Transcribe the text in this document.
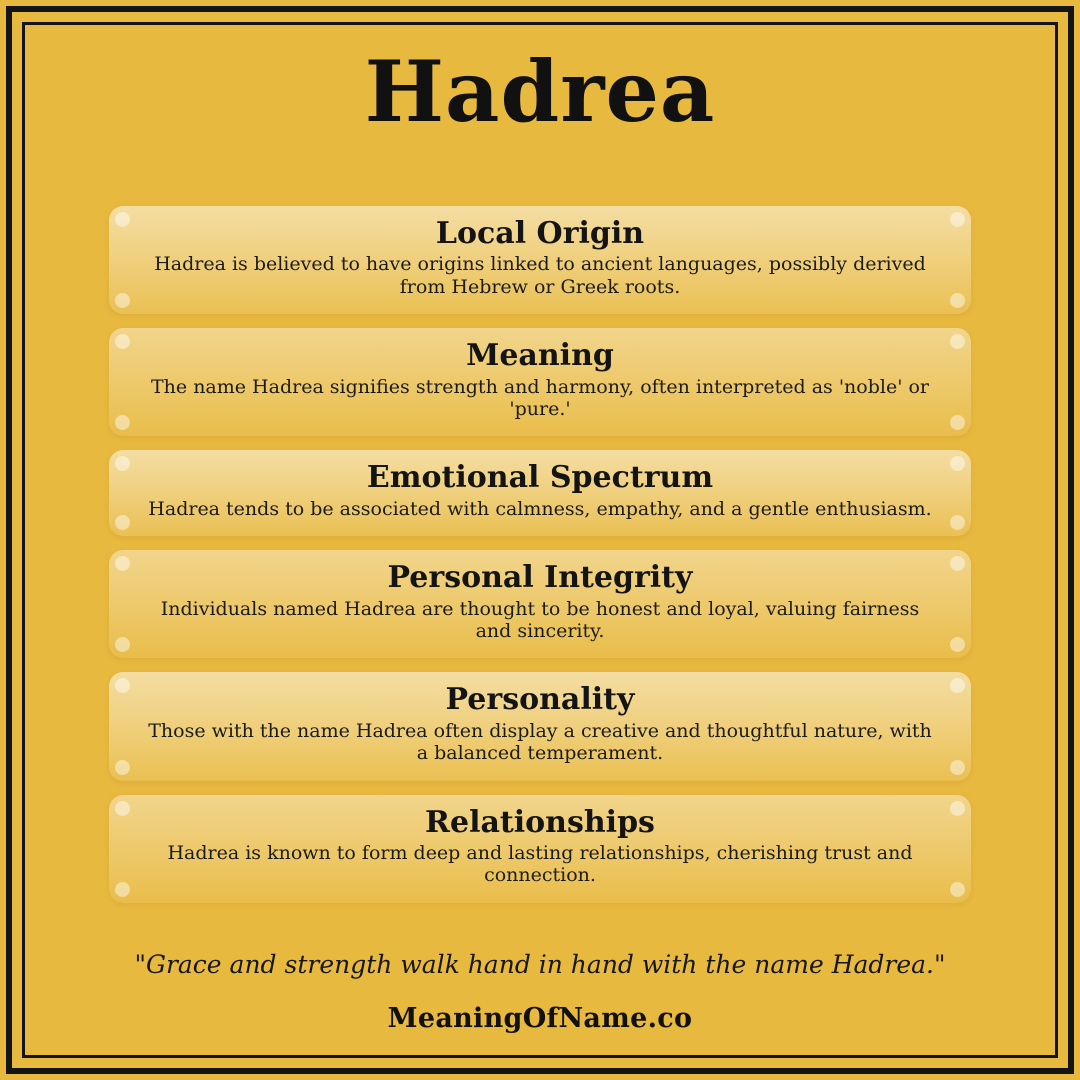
Hadrea

Local Origin

Hadrea is believed to have origins linked to ancient languages, possibly derived from Hebrew or Greek roots.

Meaning

The name Hadrea signifies strength and harmony, often interpreted as 'noble' or 'pure.'

Emotional Spectrum

Hadrea tends to be associated with calmness, empathy, and a gentle enthusiasm.

Personal Integrity

Individuals named Hadrea are thought to be honest and loyal, valuing fairness and sincerity.

Personality

Those with the name Hadrea often display a creative and thoughtful nature, with a balanced temperament.

Relationships

Hadrea is known to form deep and lasting relationships, cherishing trust and connection.

"Grace and strength walk hand in hand with the name Hadrea."

MeaningOfName.co
